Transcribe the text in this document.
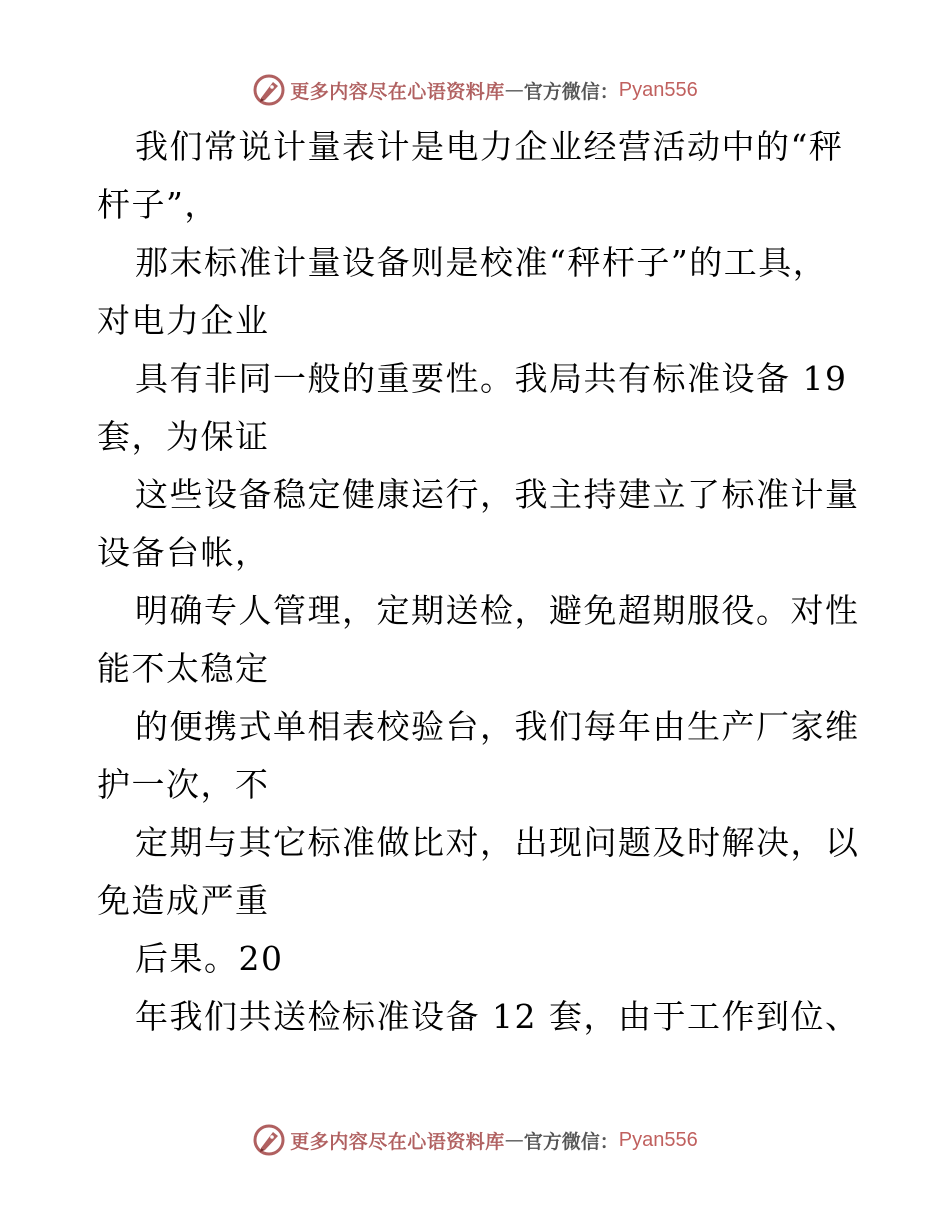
更多内容尽在心语资料库 — 官方微信： Pyan556
我们常说计量表计是电力企业经营活动中的“秤
杆子”，
那末标准计量设备则是校准“秤杆子”的工具，
对电力企业
具有非同一般的重要性。我局共有标准设备 19
套，为保证
这些设备稳定健康运行，我主持建立了标准计量
设备台帐，
明确专人管理，定期送检，避免超期服役。对性
能不太稳定
的便携式单相表校验台，我们每年由生产厂家维
护一次，不
定期与其它标准做比对，出现问题及时解决，以
免造成严重
后果。20
年我们共送检标准设备 12 套，由于工作到位、
更多内容尽在心语资料库 — 官方微信： Pyan556
